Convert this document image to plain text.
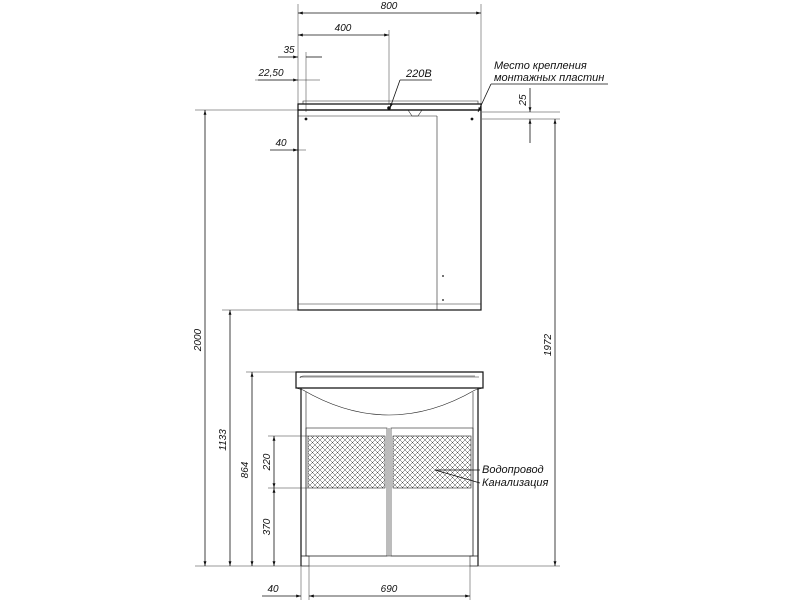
800
400
35
22,50
40
220В
Место крепления
монтажных пластин
25
Водопровод
Канализация
2000
1133
864 220
370
1972
40	690
